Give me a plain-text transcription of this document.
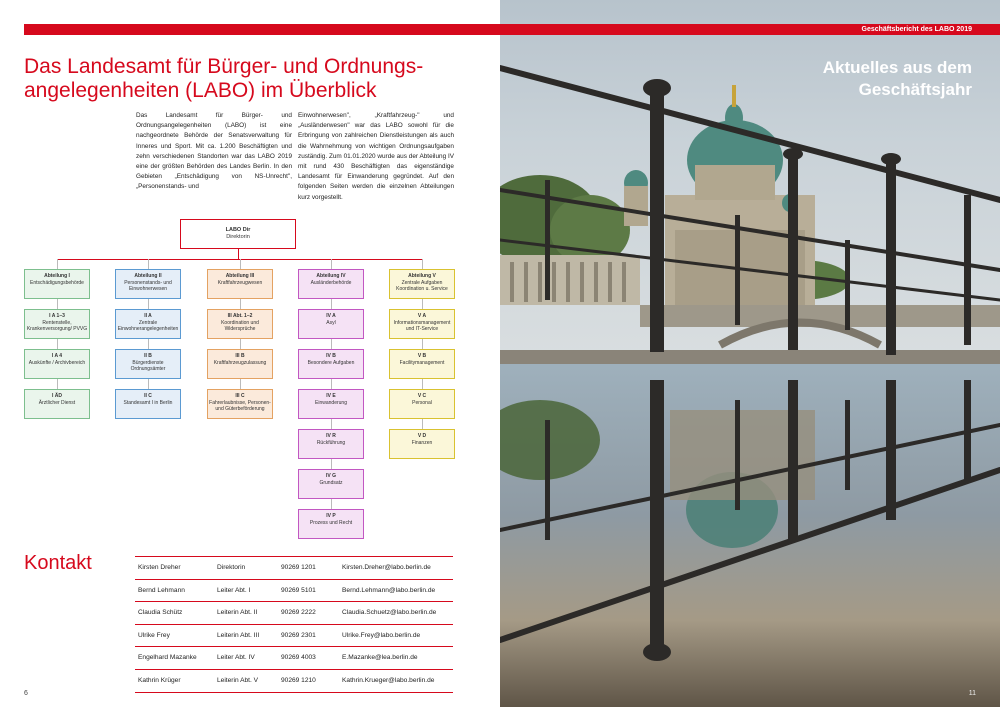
Das Landesamt für Bürger- und Ordnungs-
angelegenheiten (LABO) im Überblick

Das Landesamt für Bürger- und Ordnungsangelegenheiten (LABO) ist eine nachgeordnete Behörde der Senatsverwaltung für Inneres und Sport. Mit ca. 1.200 Beschäftigten und zehn verschiedenen Standorten war das LABO 2019 eine der größten Behörden des Landes Berlin. In den Gebieten „Entschädigung von NS-Unrecht", „Personenstands- und

Einwohnerwesen", „Kraftfahrzeug-" und „Ausländerwesen" war das LABO sowohl für die Erbringung von zahlreichen Dienstleistungen als auch die Wahrnehmung von wichtigen Ordnungsaufgaben zuständig. Zum 01.01.2020 wurde aus der Abteilung IV mit rund 430 Beschäftigten das eigenständige Landesamt für Einwanderung gegründet. Auf den folgenden Seiten werden die einzelnen Abteilungen kurz vorgestellt.

LABO Dir
Direktorin
Abteilung I
Entschädigungsbehörde
I A 1–3
Rentenstelle, Krankenversorgung/ PVVG
I A 4
Auskünfte / Archivbereich
I ÄD
Ärztlicher Dienst
Abteilung II
Personenstands- und Einwohnerwesen
II A
Zentrale Einwohnerangelegenheiten
II B
Bürgerdienste Ordnungsämter
II C
Standesamt I in Berlin
Abteilung III
Kraftfahrzeugwesen
III Abt. 1–2
Koordination und Widersprüche
III B
Kraftfahrzeugzulassung
III C
Fahrerlaubnisse, Personen- und Güterbeförderung
Abteilung IV
Ausländerbehörde
IV A
Asyl
IV B
Besondere Aufgaben
IV E
Einwanderung
IV R
Rückführung
IV G
Grundsatz
IV P
Prozess und Recht
Abteilung V
Zentrale Aufgaben Koordination u. Service
V A
Informationsmanagement und IT-Service
V B
Facilitymanagement
V C
Personal
V D
Finanzen
Kontakt	Kirsten Dreher	Direktorin	90269 1201	Kirsten.Dreher@labo.berlin.de
Bernd Lehmann	Leiter Abt. I	90269 5101	Bernd.Lehmann@labo.berlin.de
Claudia Schütz	Leiterin Abt. II	90269 2222	Claudia.Schuetz@labo.berlin.de
Ulrike Frey	Leiterin Abt. III	90269 2301	Ulrike.Frey@labo.berlin.de
Engelhard Mazanke	Leiter Abt. IV	90269 4003	E.Mazanke@lea.berlin.de
Kathrin Krüger	Leiterin Abt. V	90269 1210	Kathrin.Krueger@labo.berlin.de
6
Aktuelles aus dem
Geschäftsjahr
11
Geschäftsbericht des LABO 2019
